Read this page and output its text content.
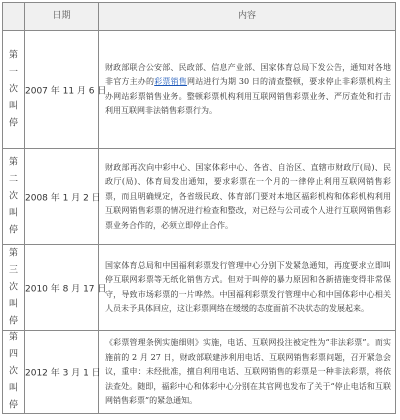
日期	内容
第一次叫停
2007 年 11 月 6 日
财政部联合公安部、民政部、信息产业部、国家体育总局下发公告，通知对各地非官方主办的彩票销售网站进行为期 30 日的清查整顿，要求停止非彩票机构主办网站彩票销售业务。整顿彩票机构利用互联网销售彩票业务、严厉查处和打击利用互联网非法销售彩票行为。
第二次叫停
2008 年 1 月 2 日
财政部再次向中彩中心、国家体彩中心、各省、自治区、直辖市财政厅(局)、民政厅(局)、体育局发出通知，要求彩票在一个月的一律停止利用互联网销售彩票，而且明确规定，各省级民政、体育部门要对本地区福彩机构和体彩机构利用互联网销售彩票的情况进行检查和整改，对已经与公司或个人进行互联网销售彩票业务合作的，必须立即停止合作。
第三次叫停
2010 年 8 月 17 日
国家体育总局和中国福利彩票发行管理中心分别下发紧急通知，再度要求立即叫停互联网彩票等无纸化销售方式。但对于叫停的暴力原因和各新措施变得非常保守，导致市场彩票的一片哗然。中国福利彩票发行管理中心和中国体彩中心相关人员未予具体回应，这让彩票网络在缓缓的态度面前不决状态的发展起来。
第四次叫停
2012 年 3 月 1 日
《彩票管理条例实施细则》实施，电话、互联网投注被定性为“非法彩票”。而实施前的 2 月 27 日，财政部联建涉利用电话、互联网销售彩票问题，召开紧急会议，重申：未经批准，擅自利用电话、互联网销售的彩票是一种非法彩票，将依法查处。随即，福彩中心和体彩中心分别在其官网也发布了关于“停止电话和互联网销售彩票”的紧急通知。
